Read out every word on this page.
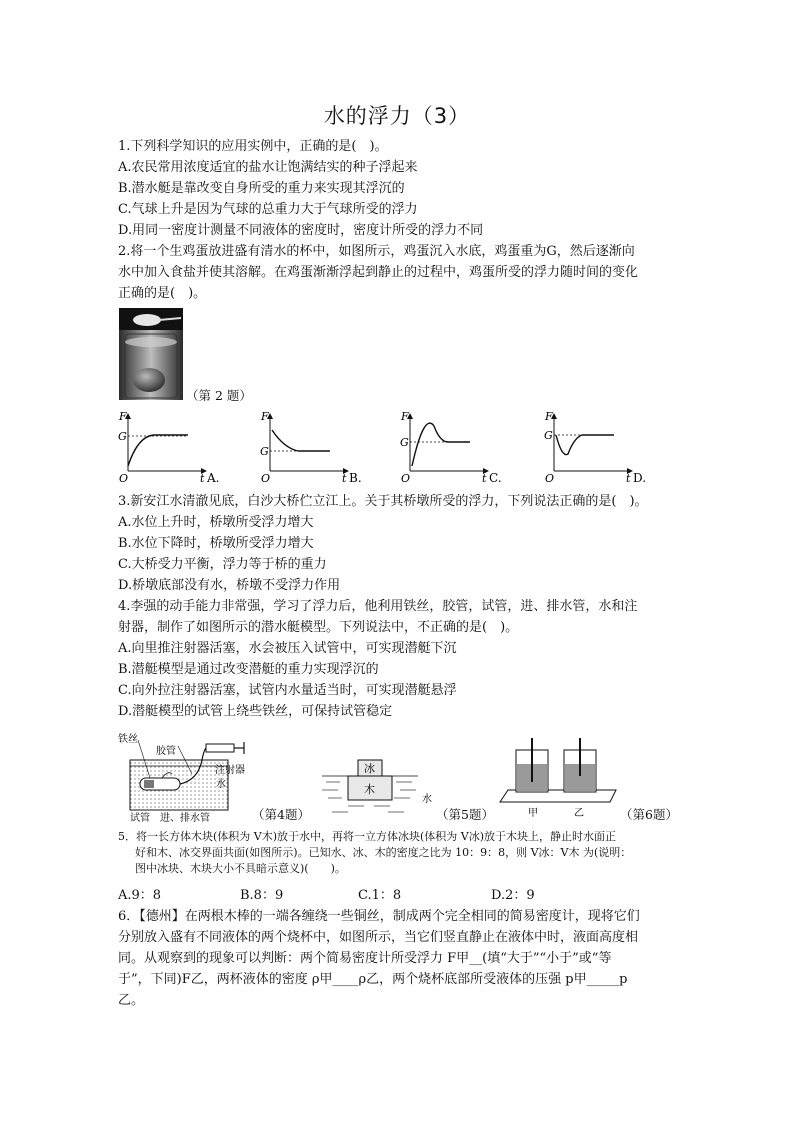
水的浮力（3）
1.下列科学知识的应用实例中，正确的是(　)。
A.农民常用浓度适宜的盐水让饱满结实的种子浮起来
B.潜水艇是靠改变自身所受的重力来实现其浮沉的
C.气球上升是因为气球的总重力大于气球所受的浮力
D.用同一密度计测量不同液体的密度时，密度计所受的浮力不同
2.将一个生鸡蛋放进盛有清水的杯中，如图所示，鸡蛋沉入水底，鸡蛋重为G，然后逐渐向
水中加入食盐并使其溶解。在鸡蛋渐渐浮起到静止的过程中，鸡蛋所受的浮力随时间的变化
正确的是(　)。
（第 2 题）
F
G
O	t A.
F
G
O	t B.
F
G
O	t C.
F
G
O	t D.
3.新安江水清澈见底，白沙大桥伫立江上。关于其桥墩所受的浮力，下列说法正确的是(　)。
A.水位上升时，桥墩所受浮力增大
B.水位下降时，桥墩所受浮力增大
C.大桥受力平衡，浮力等于桥的重力
D.桥墩底部没有水，桥墩不受浮力作用
4.李强的动手能力非常强，学习了浮力后，他利用铁丝，胶管，试管，进、排水管，水和注
射器，制作了如图所示的潜水艇模型。下列说法中，不正确的是(　)。
A.向里推注射器活塞，水会被压入试管中，可实现潜艇下沉
B.潜艇模型是通过改变潜艇的重力实现浮沉的
C.向外拉注射器活塞，试管内水量适当时，可实现潜艇悬浮
D.潜艇模型的试管上绕些铁丝，可保持试管稳定
铁丝
胶管
注射器
水
试管 进、排水管	（第4题）
冰
木
水
（第5题）	甲	乙	（第6题）
5．将一长方体木块(体积为 V木)放于水中，再将一立方体冰块(体积为 V冰)放于木块上，静止时水面正
好和木、冰交界面共面(如图所示)。已知水、冰、木的密度之比为 10：9：8，则 V冰：V木 为(说明：
图中冰块、木块大小不具暗示意义)(　　)。
A.9：8	B.8：9	C.1：8	D.2：9
6．【德州】在两根木棒的一端各缠绕一些铜丝，制成两个完全相同的简易密度计，现将它们
分别放入盛有不同液体的两个烧杯中，如图所示，当它们竖直静止在液体中时，液面高度相
同。从观察到的现象可以判断：两个简易密度计所受浮力 F甲__(填“大于”“小于”或“等
于”，下同)F乙，两杯液体的密度 ρ甲____ρ乙，两个烧杯底部所受液体的压强 p甲_____p
乙。
